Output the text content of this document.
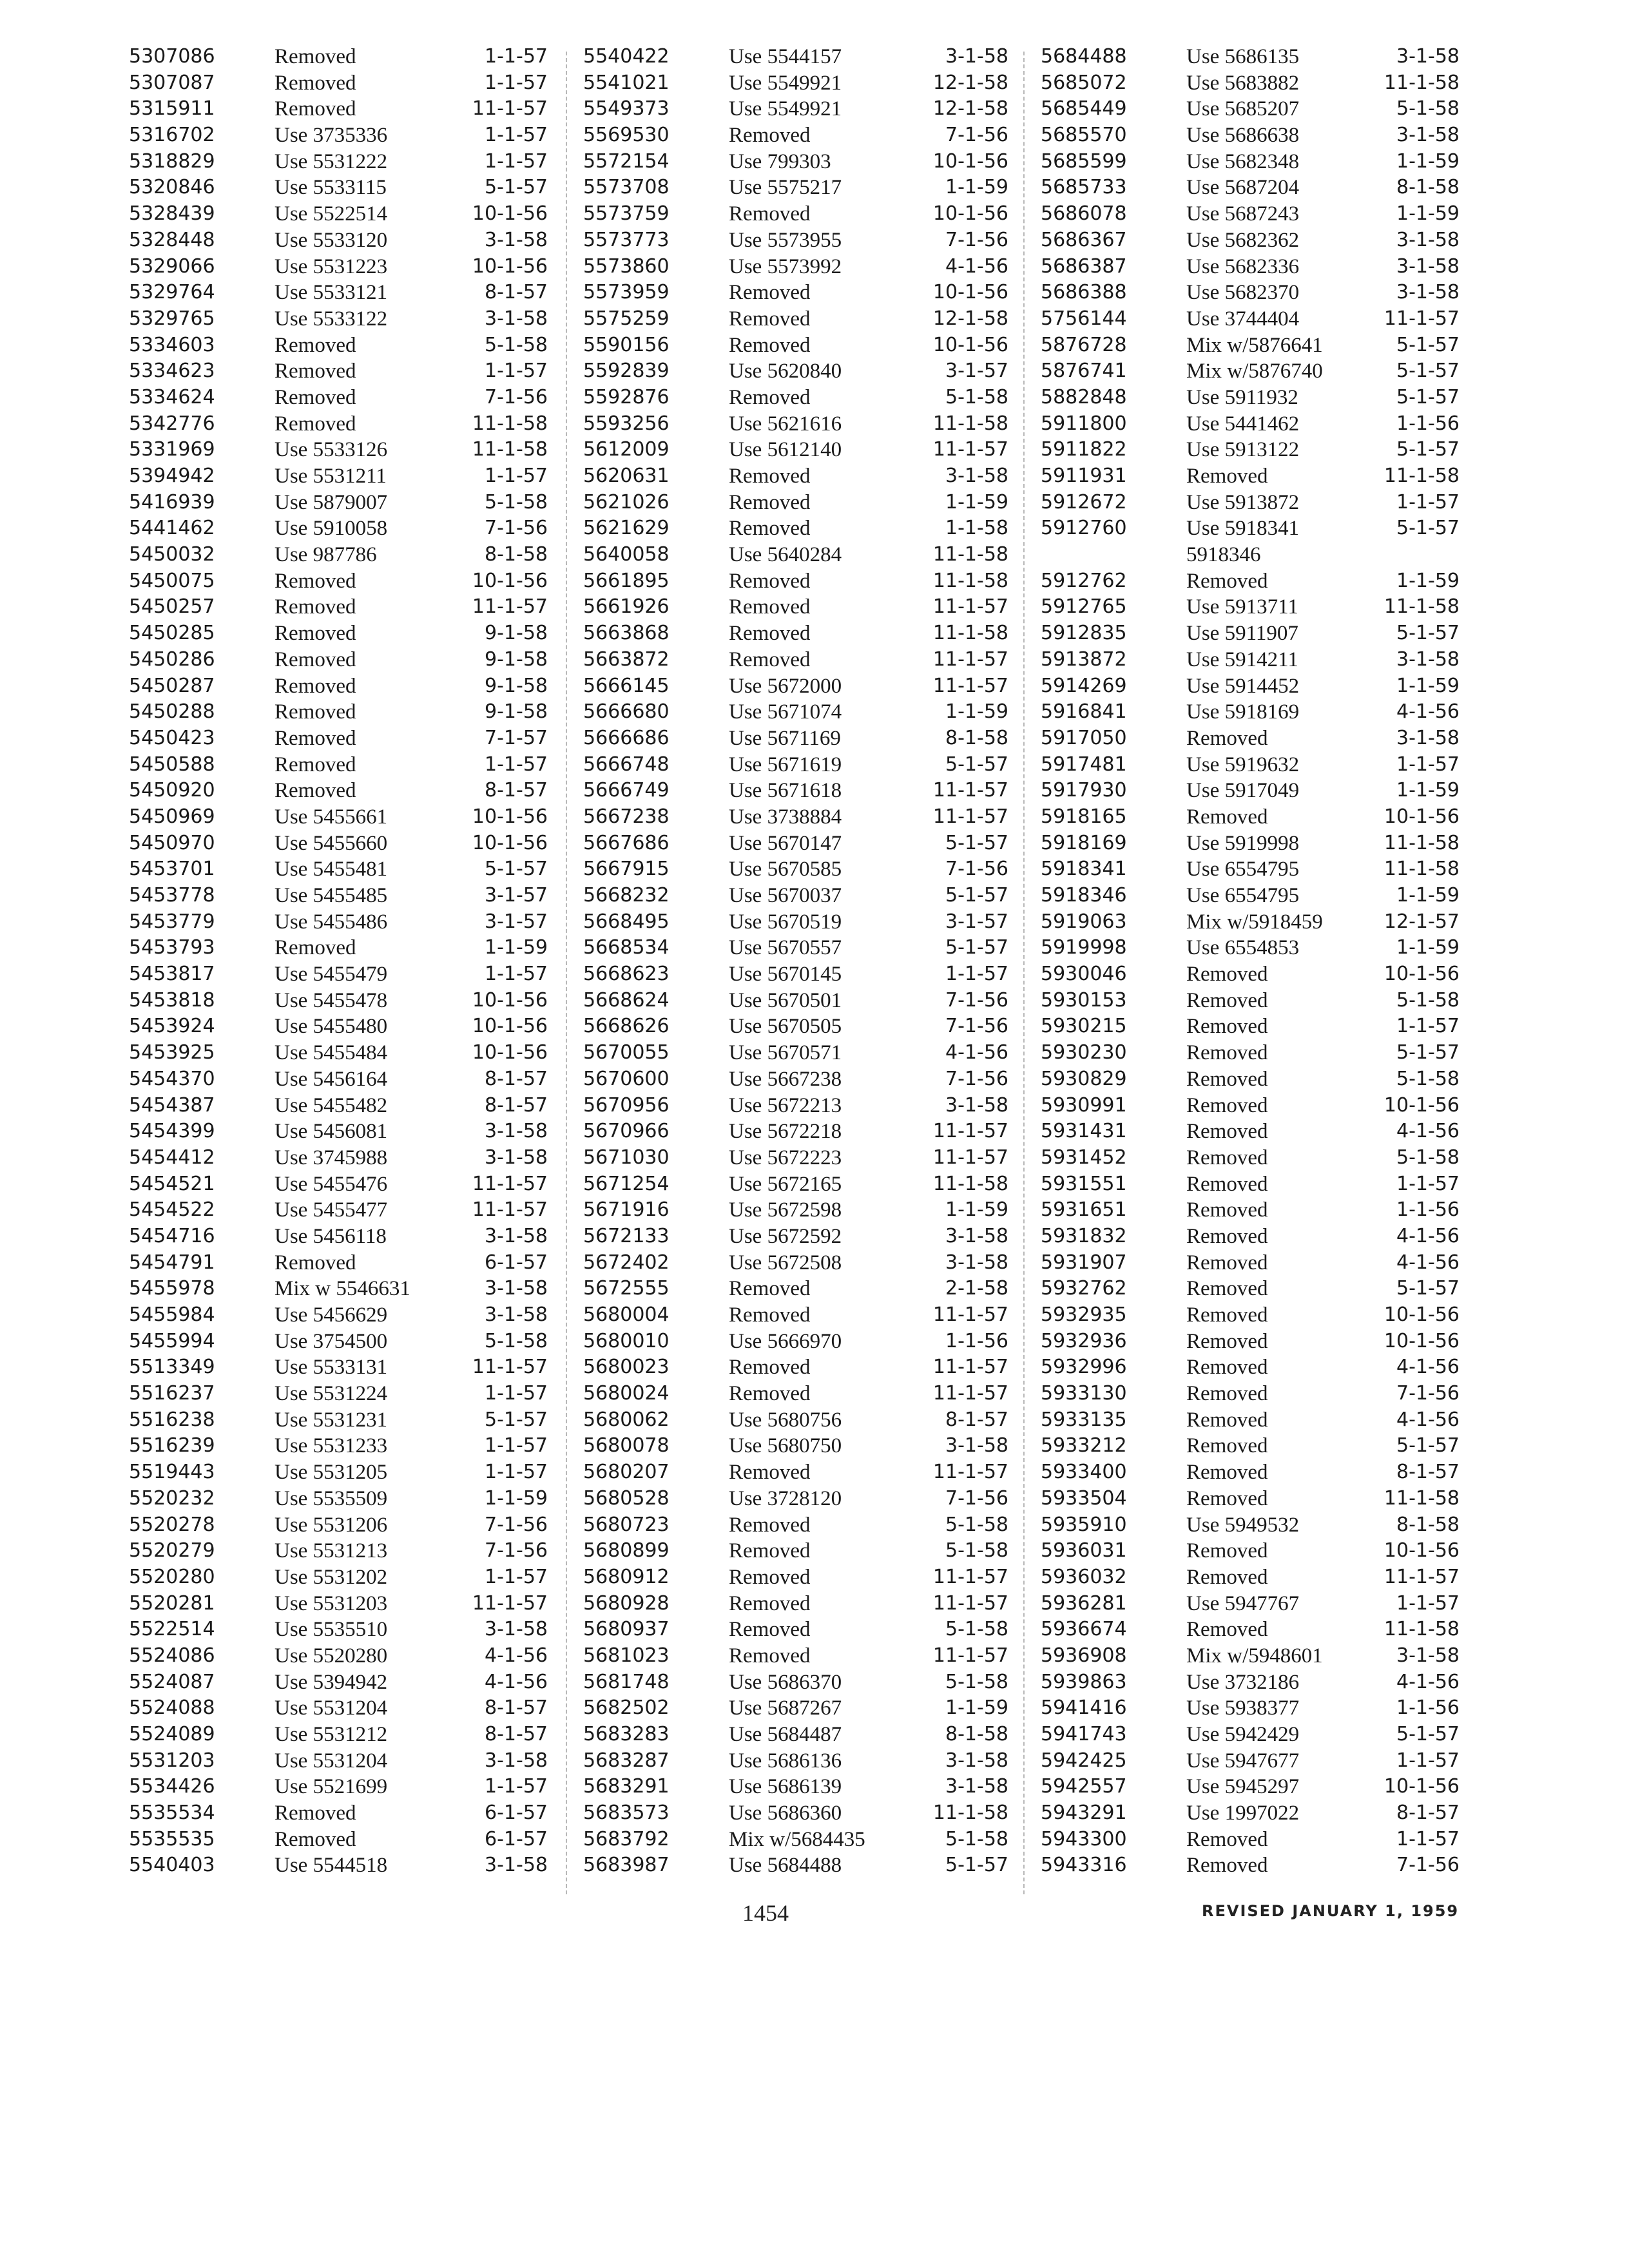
5307086	Removed	1-1-57
5307087	Removed	1-1-57
5315911	Removed	11-1-57
5316702	Use 3735336	1-1-57
5318829	Use 5531222	1-1-57
5320846	Use 5533115	5-1-57
5328439	Use 5522514	10-1-56
5328448	Use 5533120	3-1-58
5329066	Use 5531223	10-1-56
5329764	Use 5533121	8-1-57
5329765	Use 5533122	3-1-58
5334603	Removed	5-1-58
5334623	Removed	1-1-57
5334624	Removed	7-1-56
5342776	Removed	11-1-58
5331969	Use 5533126	11-1-58
5394942	Use 5531211	1-1-57
5416939	Use 5879007	5-1-58
5441462	Use 5910058	7-1-56
5450032	Use 987786	8-1-58
5450075	Removed	10-1-56
5450257	Removed	11-1-57
5450285	Removed	9-1-58
5450286	Removed	9-1-58
5450287	Removed	9-1-58
5450288	Removed	9-1-58
5450423	Removed	7-1-57
5450588	Removed	1-1-57
5450920	Removed	8-1-57
5450969	Use 5455661	10-1-56
5450970	Use 5455660	10-1-56
5453701	Use 5455481	5-1-57
5453778	Use 5455485	3-1-57
5453779	Use 5455486	3-1-57
5453793	Removed	1-1-59
5453817	Use 5455479	1-1-57
5453818	Use 5455478	10-1-56
5453924	Use 5455480	10-1-56
5453925	Use 5455484	10-1-56
5454370	Use 5456164	8-1-57
5454387	Use 5455482	8-1-57
5454399	Use 5456081	3-1-58
5454412	Use 3745988	3-1-58
5454521	Use 5455476	11-1-57
5454522	Use 5455477	11-1-57
5454716	Use 5456118	3-1-58
5454791	Removed	6-1-57
5455978	Mix w 5546631	3-1-58
5455984	Use 5456629	3-1-58
5455994	Use 3754500	5-1-58
5513349	Use 5533131	11-1-57
5516237	Use 5531224	1-1-57
5516238	Use 5531231	5-1-57
5516239	Use 5531233	1-1-57
5519443	Use 5531205	1-1-57
5520232	Use 5535509	1-1-59
5520278	Use 5531206	7-1-56
5520279	Use 5531213	7-1-56
5520280	Use 5531202	1-1-57
5520281	Use 5531203	11-1-57
5522514	Use 5535510	3-1-58
5524086	Use 5520280	4-1-56
5524087	Use 5394942	4-1-56
5524088	Use 5531204	8-1-57
5524089	Use 5531212	8-1-57
5531203	Use 5531204	3-1-58
5534426	Use 5521699	1-1-57
5535534	Removed	6-1-57
5535535	Removed	6-1-57
5540403	Use 5544518	3-1-58
5540422	Use 5544157	3-1-58
5541021	Use 5549921	12-1-58
5549373	Use 5549921	12-1-58
5569530	Removed	7-1-56
5572154	Use 799303	10-1-56
5573708	Use 5575217	1-1-59
5573759	Removed	10-1-56
5573773	Use 5573955	7-1-56
5573860	Use 5573992	4-1-56
5573959	Removed	10-1-56
5575259	Removed	12-1-58
5590156	Removed	10-1-56
5592839	Use 5620840	3-1-57
5592876	Removed	5-1-58
5593256	Use 5621616	11-1-58
5612009	Use 5612140	11-1-57
5620631	Removed	3-1-58
5621026	Removed	1-1-59
5621629	Removed	1-1-58
5640058	Use 5640284	11-1-58
5661895	Removed	11-1-58
5661926	Removed	11-1-57
5663868	Removed	11-1-58
5663872	Removed	11-1-57
5666145	Use 5672000	11-1-57
5666680	Use 5671074	1-1-59
5666686	Use 5671169	8-1-58
5666748	Use 5671619	5-1-57
5666749	Use 5671618	11-1-57
5667238	Use 3738884	11-1-57
5667686	Use 5670147	5-1-57
5667915	Use 5670585	7-1-56
5668232	Use 5670037	5-1-57
5668495	Use 5670519	3-1-57
5668534	Use 5670557	5-1-57
5668623	Use 5670145	1-1-57
5668624	Use 5670501	7-1-56
5668626	Use 5670505	7-1-56
5670055	Use 5670571	4-1-56
5670600	Use 5667238	7-1-56
5670956	Use 5672213	3-1-58
5670966	Use 5672218	11-1-57
5671030	Use 5672223	11-1-57
5671254	Use 5672165	11-1-58
5671916	Use 5672598	1-1-59
5672133	Use 5672592	3-1-58
5672402	Use 5672508	3-1-58
5672555	Removed	2-1-58
5680004	Removed	11-1-57
5680010	Use 5666970	1-1-56
5680023	Removed	11-1-57
5680024	Removed	11-1-57
5680062	Use 5680756	8-1-57
5680078	Use 5680750	3-1-58
5680207	Removed	11-1-57
5680528	Use 3728120	7-1-56
5680723	Removed	5-1-58
5680899	Removed	5-1-58
5680912	Removed	11-1-57
5680928	Removed	11-1-57
5680937	Removed	5-1-58
5681023	Removed	11-1-57
5681748	Use 5686370	5-1-58
5682502	Use 5687267	1-1-59
5683283	Use 5684487	8-1-58
5683287	Use 5686136	3-1-58
5683291	Use 5686139	3-1-58
5683573	Use 5686360	11-1-58
5683792	Mix w/5684435	5-1-58
5683987	Use 5684488	5-1-57
5684488	Use 5686135	3-1-58
5685072	Use 5683882	11-1-58
5685449	Use 5685207	5-1-58
5685570	Use 5686638	3-1-58
5685599	Use 5682348	1-1-59
5685733	Use 5687204	8-1-58
5686078	Use 5687243	1-1-59
5686367	Use 5682362	3-1-58
5686387	Use 5682336	3-1-58
5686388	Use 5682370	3-1-58
5756144	Use 3744404	11-1-57
5876728	Mix w/5876641	5-1-57
5876741	Mix w/5876740	5-1-57
5882848	Use 5911932	5-1-57
5911800	Use 5441462	1-1-56
5911822	Use 5913122	5-1-57
5911931	Removed	11-1-58
5912672	Use 5913872	1-1-57
5912760	Use 5918341	5-1-57
5918346
5912762	Removed	1-1-59
5912765	Use 5913711	11-1-58
5912835	Use 5911907	5-1-57
5913872	Use 5914211	3-1-58
5914269	Use 5914452	1-1-59
5916841	Use 5918169	4-1-56
5917050	Removed	3-1-58
5917481	Use 5919632	1-1-57
5917930	Use 5917049	1-1-59
5918165	Removed	10-1-56
5918169	Use 5919998	11-1-58
5918341	Use 6554795	11-1-58
5918346	Use 6554795	1-1-59
5919063	Mix w/5918459	12-1-57
5919998	Use 6554853	1-1-59
5930046	Removed	10-1-56
5930153	Removed	5-1-58
5930215	Removed	1-1-57
5930230	Removed	5-1-57
5930829	Removed	5-1-58
5930991	Removed	10-1-56
5931431	Removed	4-1-56
5931452	Removed	5-1-58
5931551	Removed	1-1-57
5931651	Removed	1-1-56
5931832	Removed	4-1-56
5931907	Removed	4-1-56
5932762	Removed	5-1-57
5932935	Removed	10-1-56
5932936	Removed	10-1-56
5932996	Removed	4-1-56
5933130	Removed	7-1-56
5933135	Removed	4-1-56
5933212	Removed	5-1-57
5933400	Removed	8-1-57
5933504	Removed	11-1-58
5935910	Use 5949532	8-1-58
5936031	Removed	10-1-56
5936032	Removed	11-1-57
5936281	Use 5947767	1-1-57
5936674	Removed	11-1-58
5936908	Mix w/5948601	3-1-58
5939863	Use 3732186	4-1-56
5941416	Use 5938377	1-1-56
5941743	Use 5942429	5-1-57
5942425	Use 5947677	1-1-57
5942557	Use 5945297	10-1-56
5943291	Use 1997022	8-1-57
5943300	Removed	1-1-57
5943316	Removed	7-1-56
1454	REVISED JANUARY 1, 1959
